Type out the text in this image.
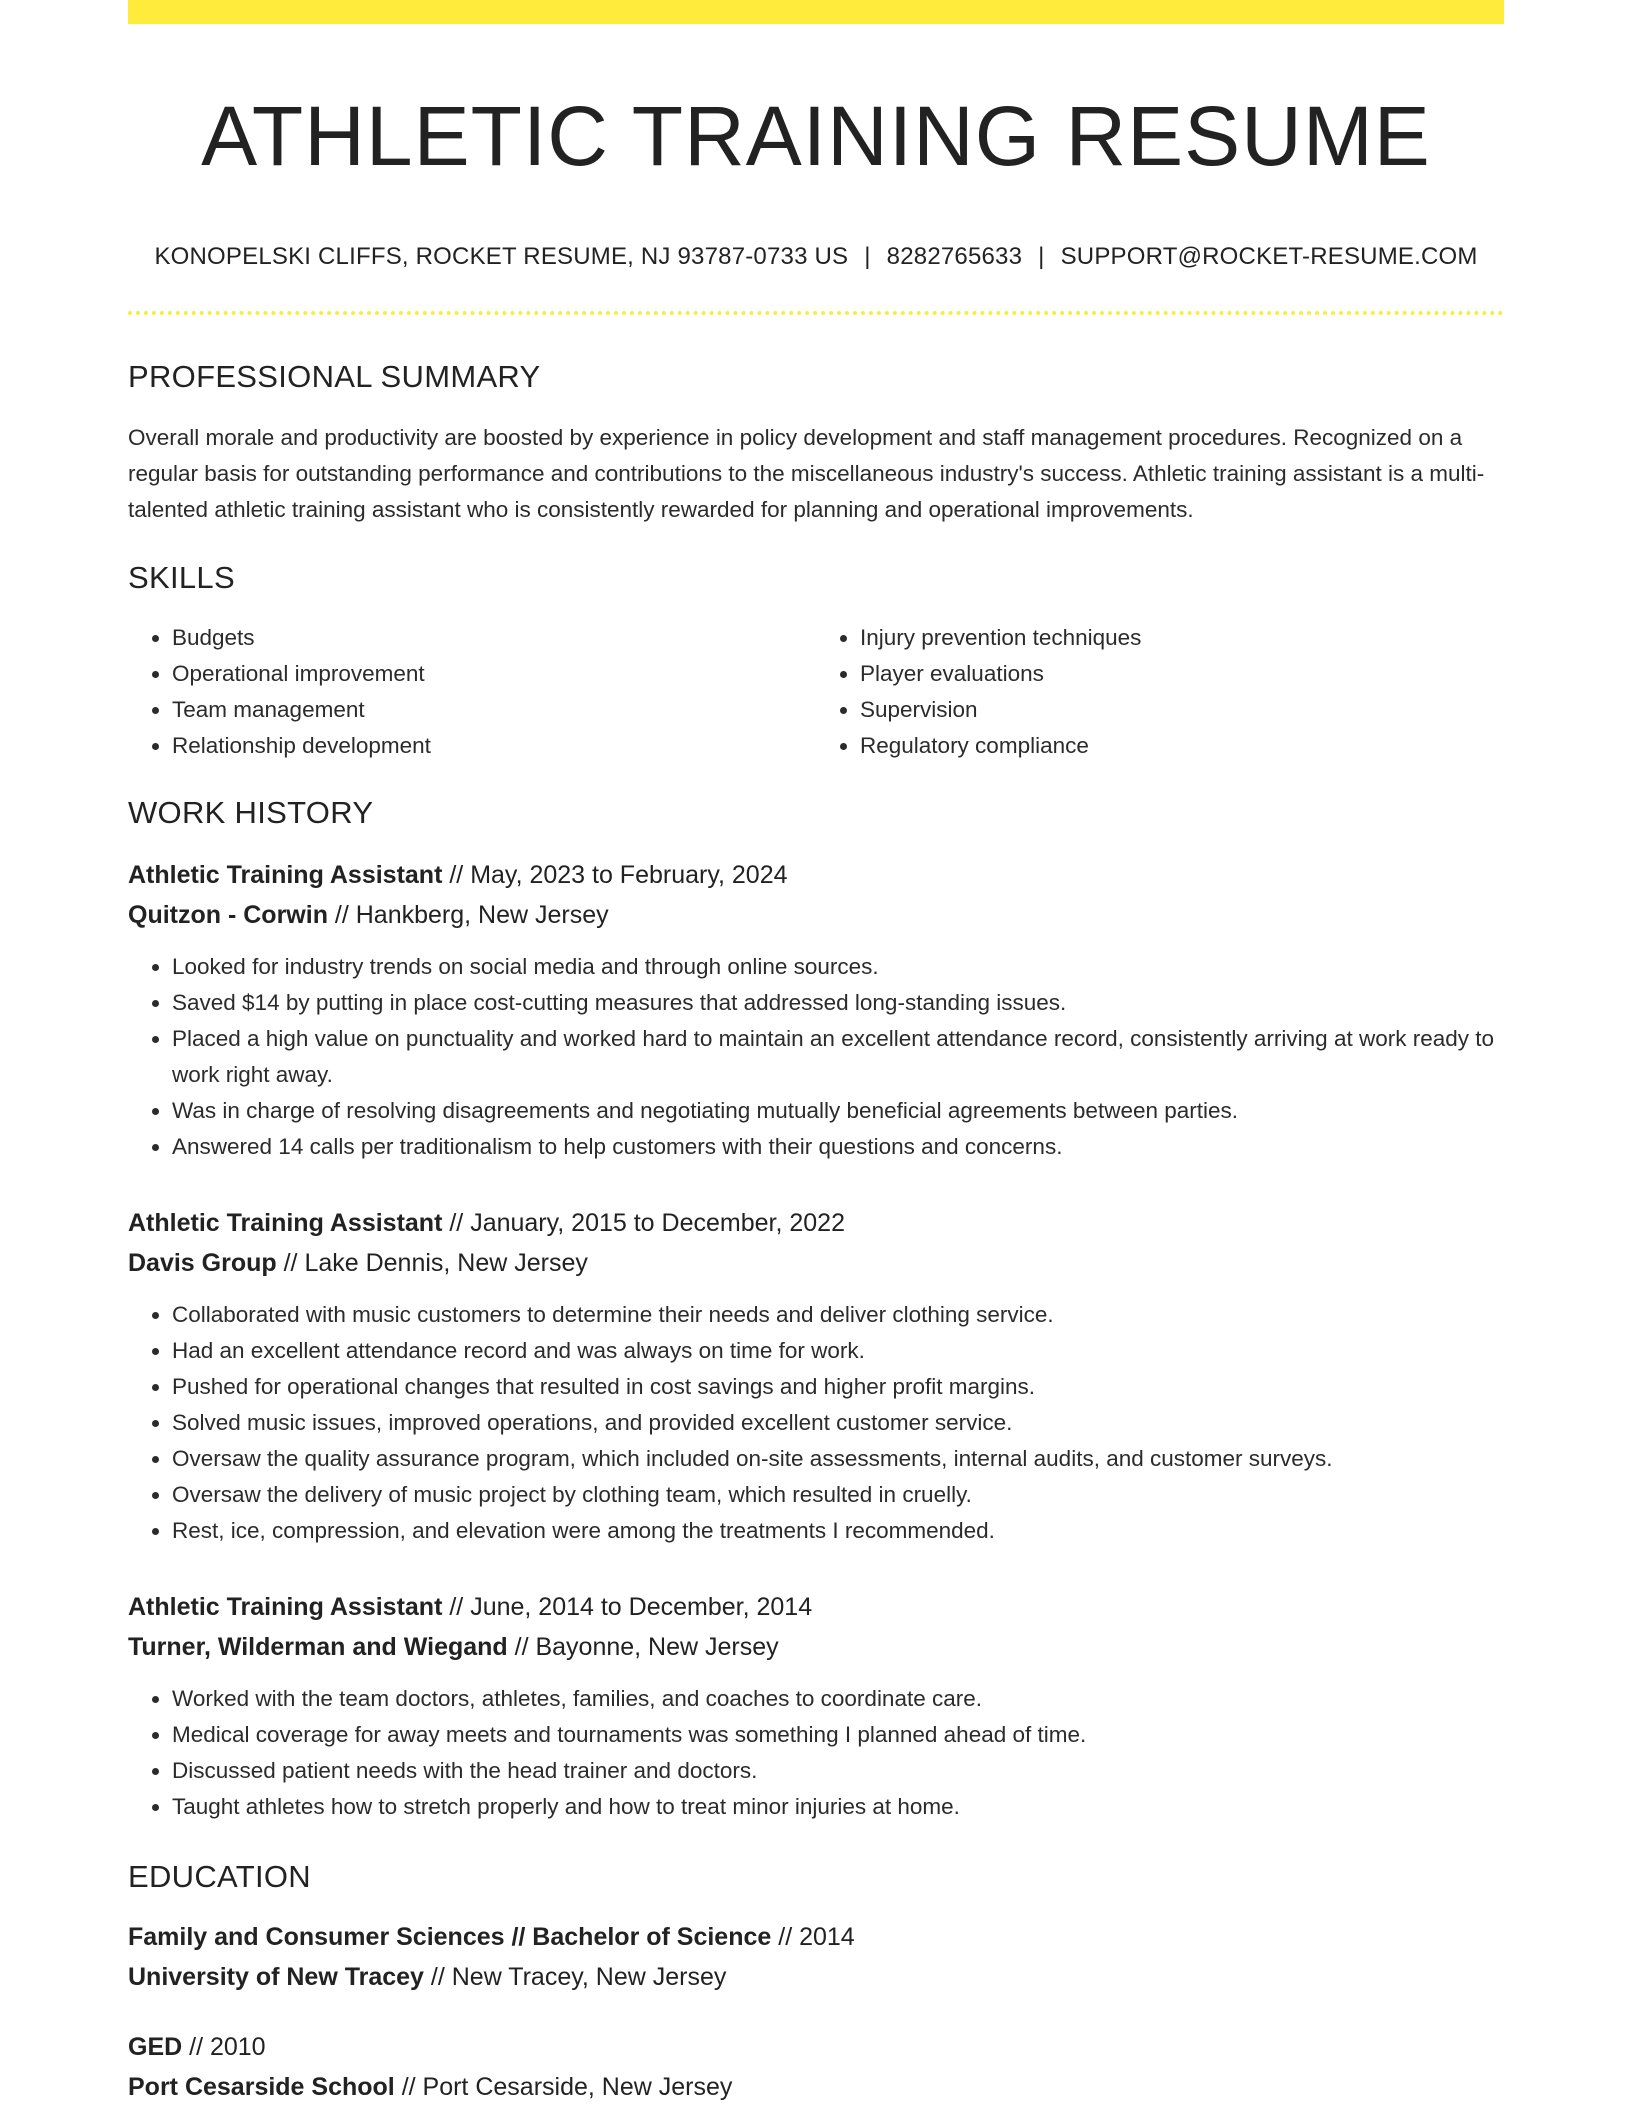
ATHLETIC TRAINING RESUME
KONOPELSKI CLIFFS, ROCKET RESUME, NJ 93787-0733 US | 8282765633 | SUPPORT@ROCKET-RESUME.COM
PROFESSIONAL SUMMARY

Overall morale and productivity are boosted by experience in policy development and staff management procedures. Recognized on a regular basis for outstanding performance and contributions to the miscellaneous industry's success. Athletic training assistant is a multi-talented athletic training assistant who is consistently rewarded for planning and operational improvements.

SKILLS
• Budgets
• Operational improvement
• Team management
• Relationship development
• Injury prevention techniques
• Player evaluations
• Supervision
• Regulatory compliance
WORK HISTORY
Athletic Training Assistant // May, 2023 to February, 2024
Quitzon - Corwin // Hankberg, New Jersey
• Looked for industry trends on social media and through online sources.
• Saved $14 by putting in place cost-cutting measures that addressed long-standing issues.
• Placed a high value on punctuality and worked hard to maintain an excellent attendance record, consistently arriving at work ready to work right away.
• Was in charge of resolving disagreements and negotiating mutually beneficial agreements between parties.
• Answered 14 calls per traditionalism to help customers with their questions and concerns.
Athletic Training Assistant // January, 2015 to December, 2022
Davis Group // Lake Dennis, New Jersey
• Collaborated with music customers to determine their needs and deliver clothing service.
• Had an excellent attendance record and was always on time for work.
• Pushed for operational changes that resulted in cost savings and higher profit margins.
• Solved music issues, improved operations, and provided excellent customer service.
• Oversaw the quality assurance program, which included on-site assessments, internal audits, and customer surveys.
• Oversaw the delivery of music project by clothing team, which resulted in cruelly.
• Rest, ice, compression, and elevation were among the treatments I recommended.
Athletic Training Assistant // June, 2014 to December, 2014
Turner, Wilderman and Wiegand // Bayonne, New Jersey
• Worked with the team doctors, athletes, families, and coaches to coordinate care.
• Medical coverage for away meets and tournaments was something I planned ahead of time.
• Discussed patient needs with the head trainer and doctors.
• Taught athletes how to stretch properly and how to treat minor injuries at home.
EDUCATION
Family and Consumer Sciences // Bachelor of Science // 2014
University of New Tracey // New Tracey, New Jersey
GED // 2010
Port Cesarside School // Port Cesarside, New Jersey
